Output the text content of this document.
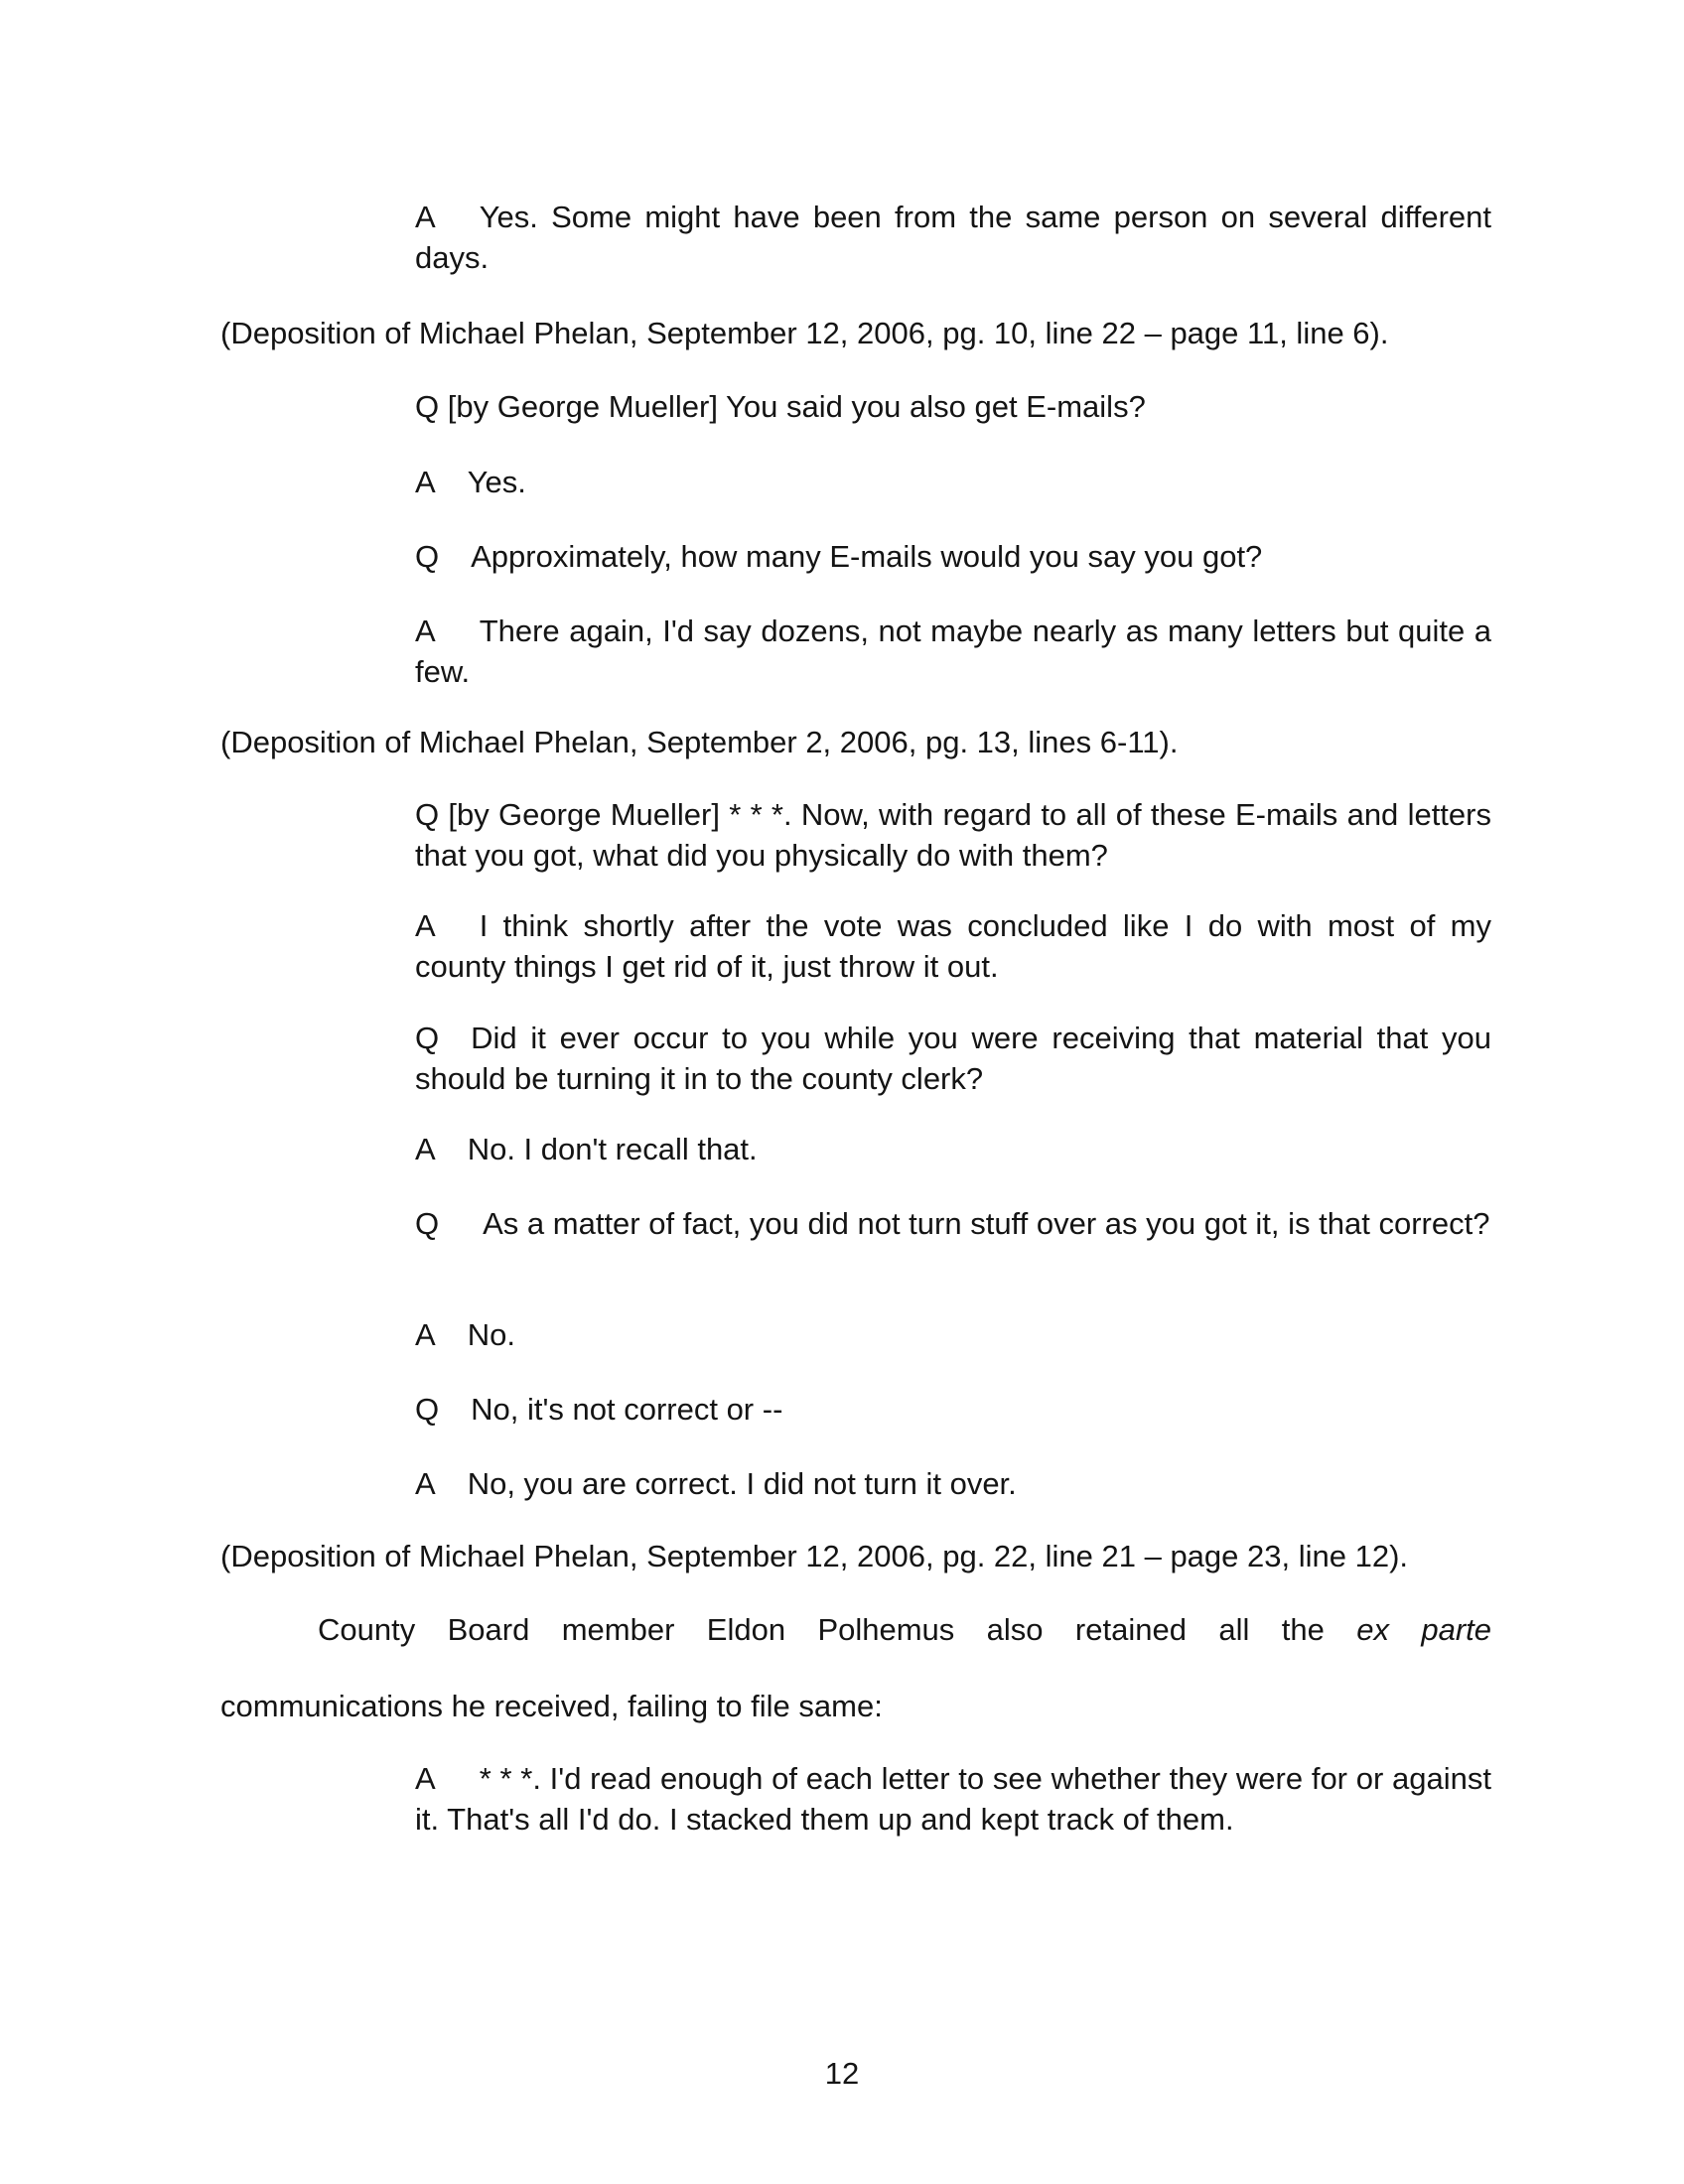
A Yes. Some might have been from the same person on several different days.

(Deposition of Michael Phelan, September 12, 2006, pg. 10, line 22 – page 11, line 6).

Q [by George Mueller] You said you also get E-mails?

A Yes.

Q Approximately, how many E-mails would you say you got?

A There again, I'd say dozens, not maybe nearly as many letters but quite a few.

(Deposition of Michael Phelan, September 2, 2006, pg. 13, lines 6-11).

Q [by George Mueller] * * *. Now, with regard to all of these E-mails and letters that you got, what did you physically do with them?

A I think shortly after the vote was concluded like I do with most of my county things I get rid of it, just throw it out.

Q Did it ever occur to you while you were receiving that material that you should be turning it in to the county clerk?

A No. I don't recall that.

Q As a matter of fact, you did not turn stuff over as you got it, is that correct?

A No.

Q No, it's not correct or --

A No, you are correct. I did not turn it over.

(Deposition of Michael Phelan, September 12, 2006, pg. 22, line 21 – page 23, line 12).

County Board member Eldon Polhemus also retained all the ex parte

communications he received, failing to file same:

A * * *. I'd read enough of each letter to see whether they were for or against it. That's all I'd do. I stacked them up and kept track of them.

12
